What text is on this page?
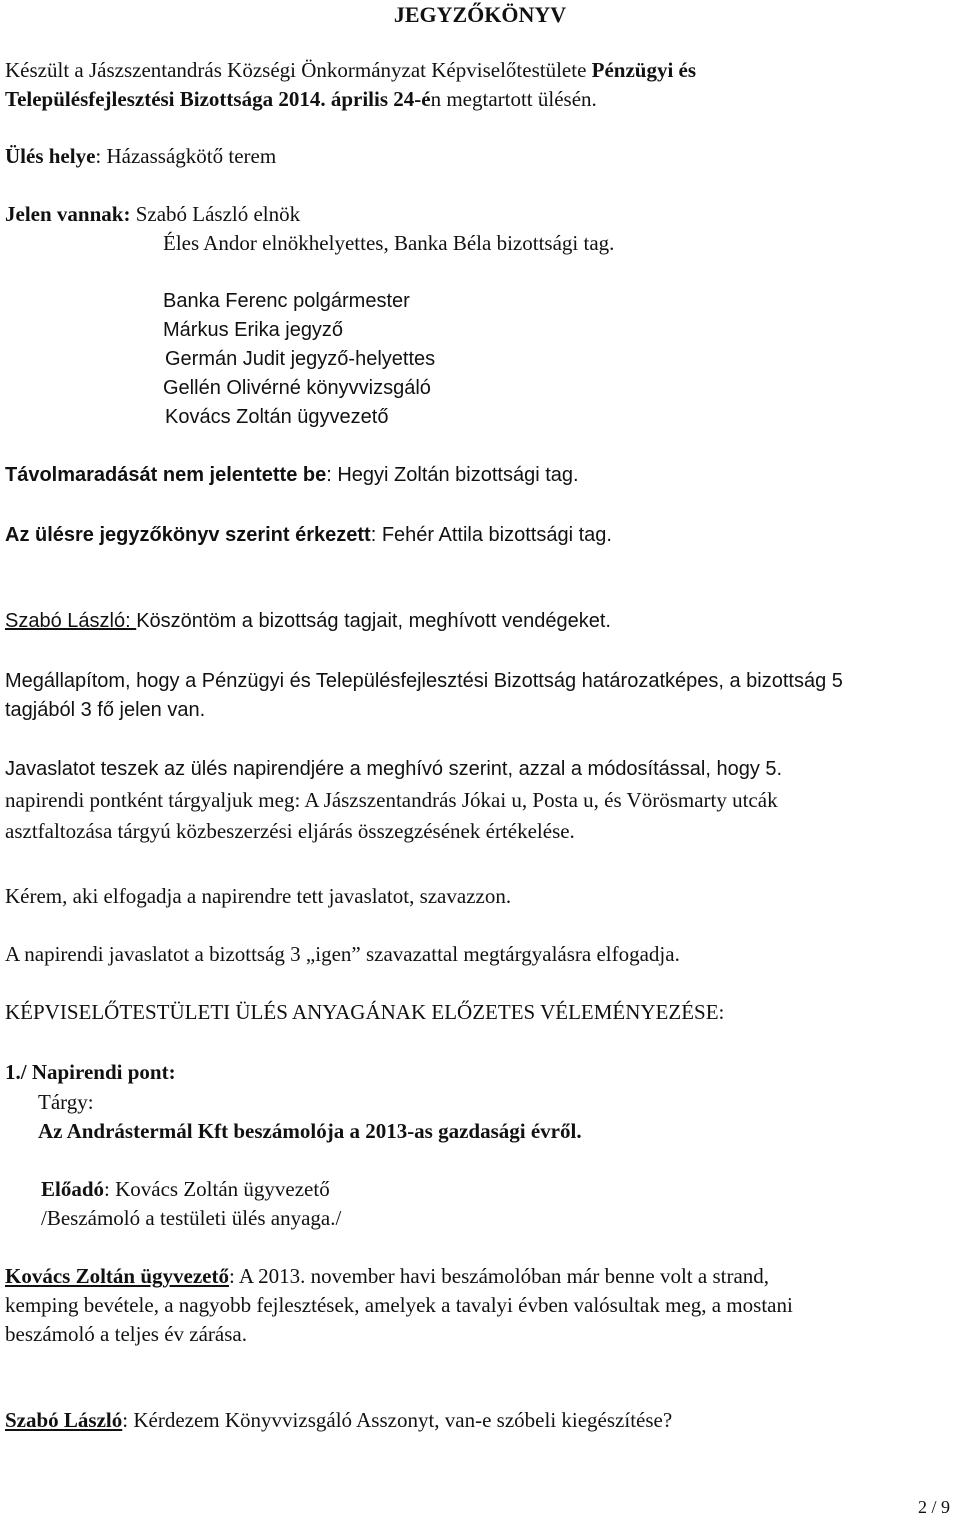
JEGYZŐKÖNYV
Készült a Jászszentandrás Községi Önkormányzat Képviselőtestülete Pénzügyi és
Településfejlesztési Bizottsága 2014. április 24-én megtartott ülésén.
Ülés helye: Házasságkötő terem
Jelen vannak: Szabó László elnök
Éles Andor elnökhelyettes, Banka Béla bizottsági tag.
Banka Ferenc polgármester
Márkus Erika jegyző
Germán Judit jegyző-helyettes
Gellén Olivérné könyvvizsgáló
Kovács Zoltán ügyvezető
Távolmaradását nem jelentette be: Hegyi Zoltán bizottsági tag.
Az ülésre jegyzőkönyv szerint érkezett: Fehér Attila bizottsági tag.
Szabó László: Köszöntöm a bizottság tagjait, meghívott vendégeket.
Megállapítom, hogy a Pénzügyi és Településfejlesztési Bizottság határozatképes, a bizottság 5
tagjából 3 fő jelen van.
Javaslatot teszek az ülés napirendjére a meghívó szerint, azzal a módosítással, hogy 5.
napirendi pontként tárgyaljuk meg: A Jászszentandrás Jókai u, Posta u, és Vörösmarty utcák
asztfaltozása tárgyú közbeszerzési eljárás összegzésének értékelése.
Kérem, aki elfogadja a napirendre tett javaslatot, szavazzon.
A napirendi javaslatot a bizottság 3 „igen” szavazattal megtárgyalásra elfogadja.
KÉPVISELŐTESTÜLETI ÜLÉS ANYAGÁNAK ELŐZETES VÉLEMÉNYEZÉSE:
1./ Napirendi pont:
Tárgy:
Az Andrástermál Kft beszámolója a 2013-as gazdasági évről.
Előadó: Kovács Zoltán ügyvezető
/Beszámoló a testületi ülés anyaga./
Kovács Zoltán ügyvezető: A 2013. november havi beszámolóban már benne volt a strand,
kemping bevétele, a nagyobb fejlesztések, amelyek a tavalyi évben valósultak meg, a mostani
beszámoló a teljes év zárása.
Szabó László: Kérdezem Könyvvizsgáló Asszonyt, van-e szóbeli kiegészítése?
2 / 9
